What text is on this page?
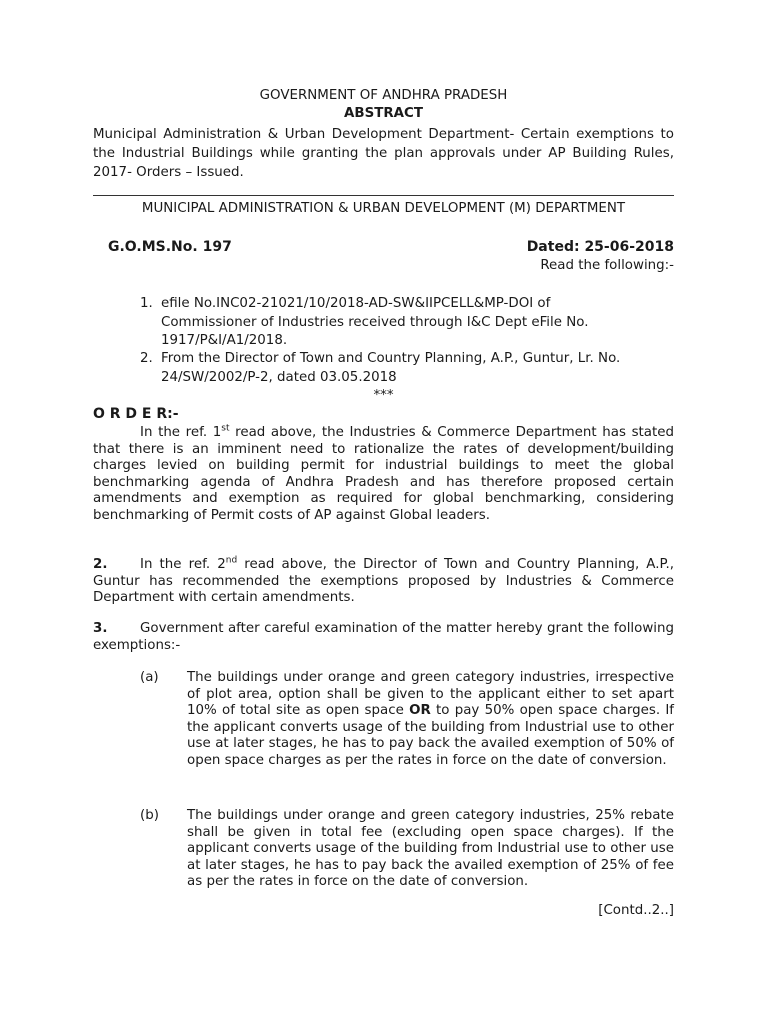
GOVERNMENT OF ANDHRA PRADESH
ABSTRACT
Municipal Administration & Urban Development Department- Certain exemptions to the Industrial Buildings while granting the plan approvals under AP Building Rules, 2017- Orders – Issued.
MUNICIPAL ADMINISTRATION & URBAN DEVELOPMENT (M) DEPARTMENT
G.O.MS.No. 197	Dated: 25-06-2018
Read the following:-
1. efile No.INC02-21021/10/2018-AD-SW&IIPCELL&MP-DOI of
Commissioner of Industries received through I&C Dept eFile No.
1917/P&I/A1/2018.
2. From the Director of Town and Country Planning, A.P., Guntur, Lr. No.
24/SW/2002/P-2, dated 03.05.2018
***
O R D E R:-

In the ref. 1st read above, the Industries & Commerce Department has stated that there is an imminent need to rationalize the rates of development/building charges levied on building permit for industrial buildings to meet the global benchmarking agenda of Andhra Pradesh and has therefore proposed certain amendments and exemption as required for global benchmarking, considering benchmarking of Permit costs of AP against Global leaders.

2. In the ref. 2nd read above, the Director of Town and Country Planning, A.P., Guntur has recommended the exemptions proposed by Industries & Commerce Department with certain amendments.

3. Government after careful examination of the matter hereby grant the following exemptions:-

(a) The buildings under orange and green category industries, irrespective of plot area, option shall be given to the applicant either to set apart 10% of total site as open space OR to pay 50% open space charges. If the applicant converts usage of the building from Industrial use to other use at later stages, he has to pay back the availed exemption of 50% of open space charges as per the rates in force on the date of conversion.

(b) The buildings under orange and green category industries, 25% rebate shall be given in total fee (excluding open space charges). If the applicant converts usage of the building from Industrial use to other use at later stages, he has to pay back the availed exemption of 25% of fee as per the rates in force on the date of conversion.

[Contd..2..]
